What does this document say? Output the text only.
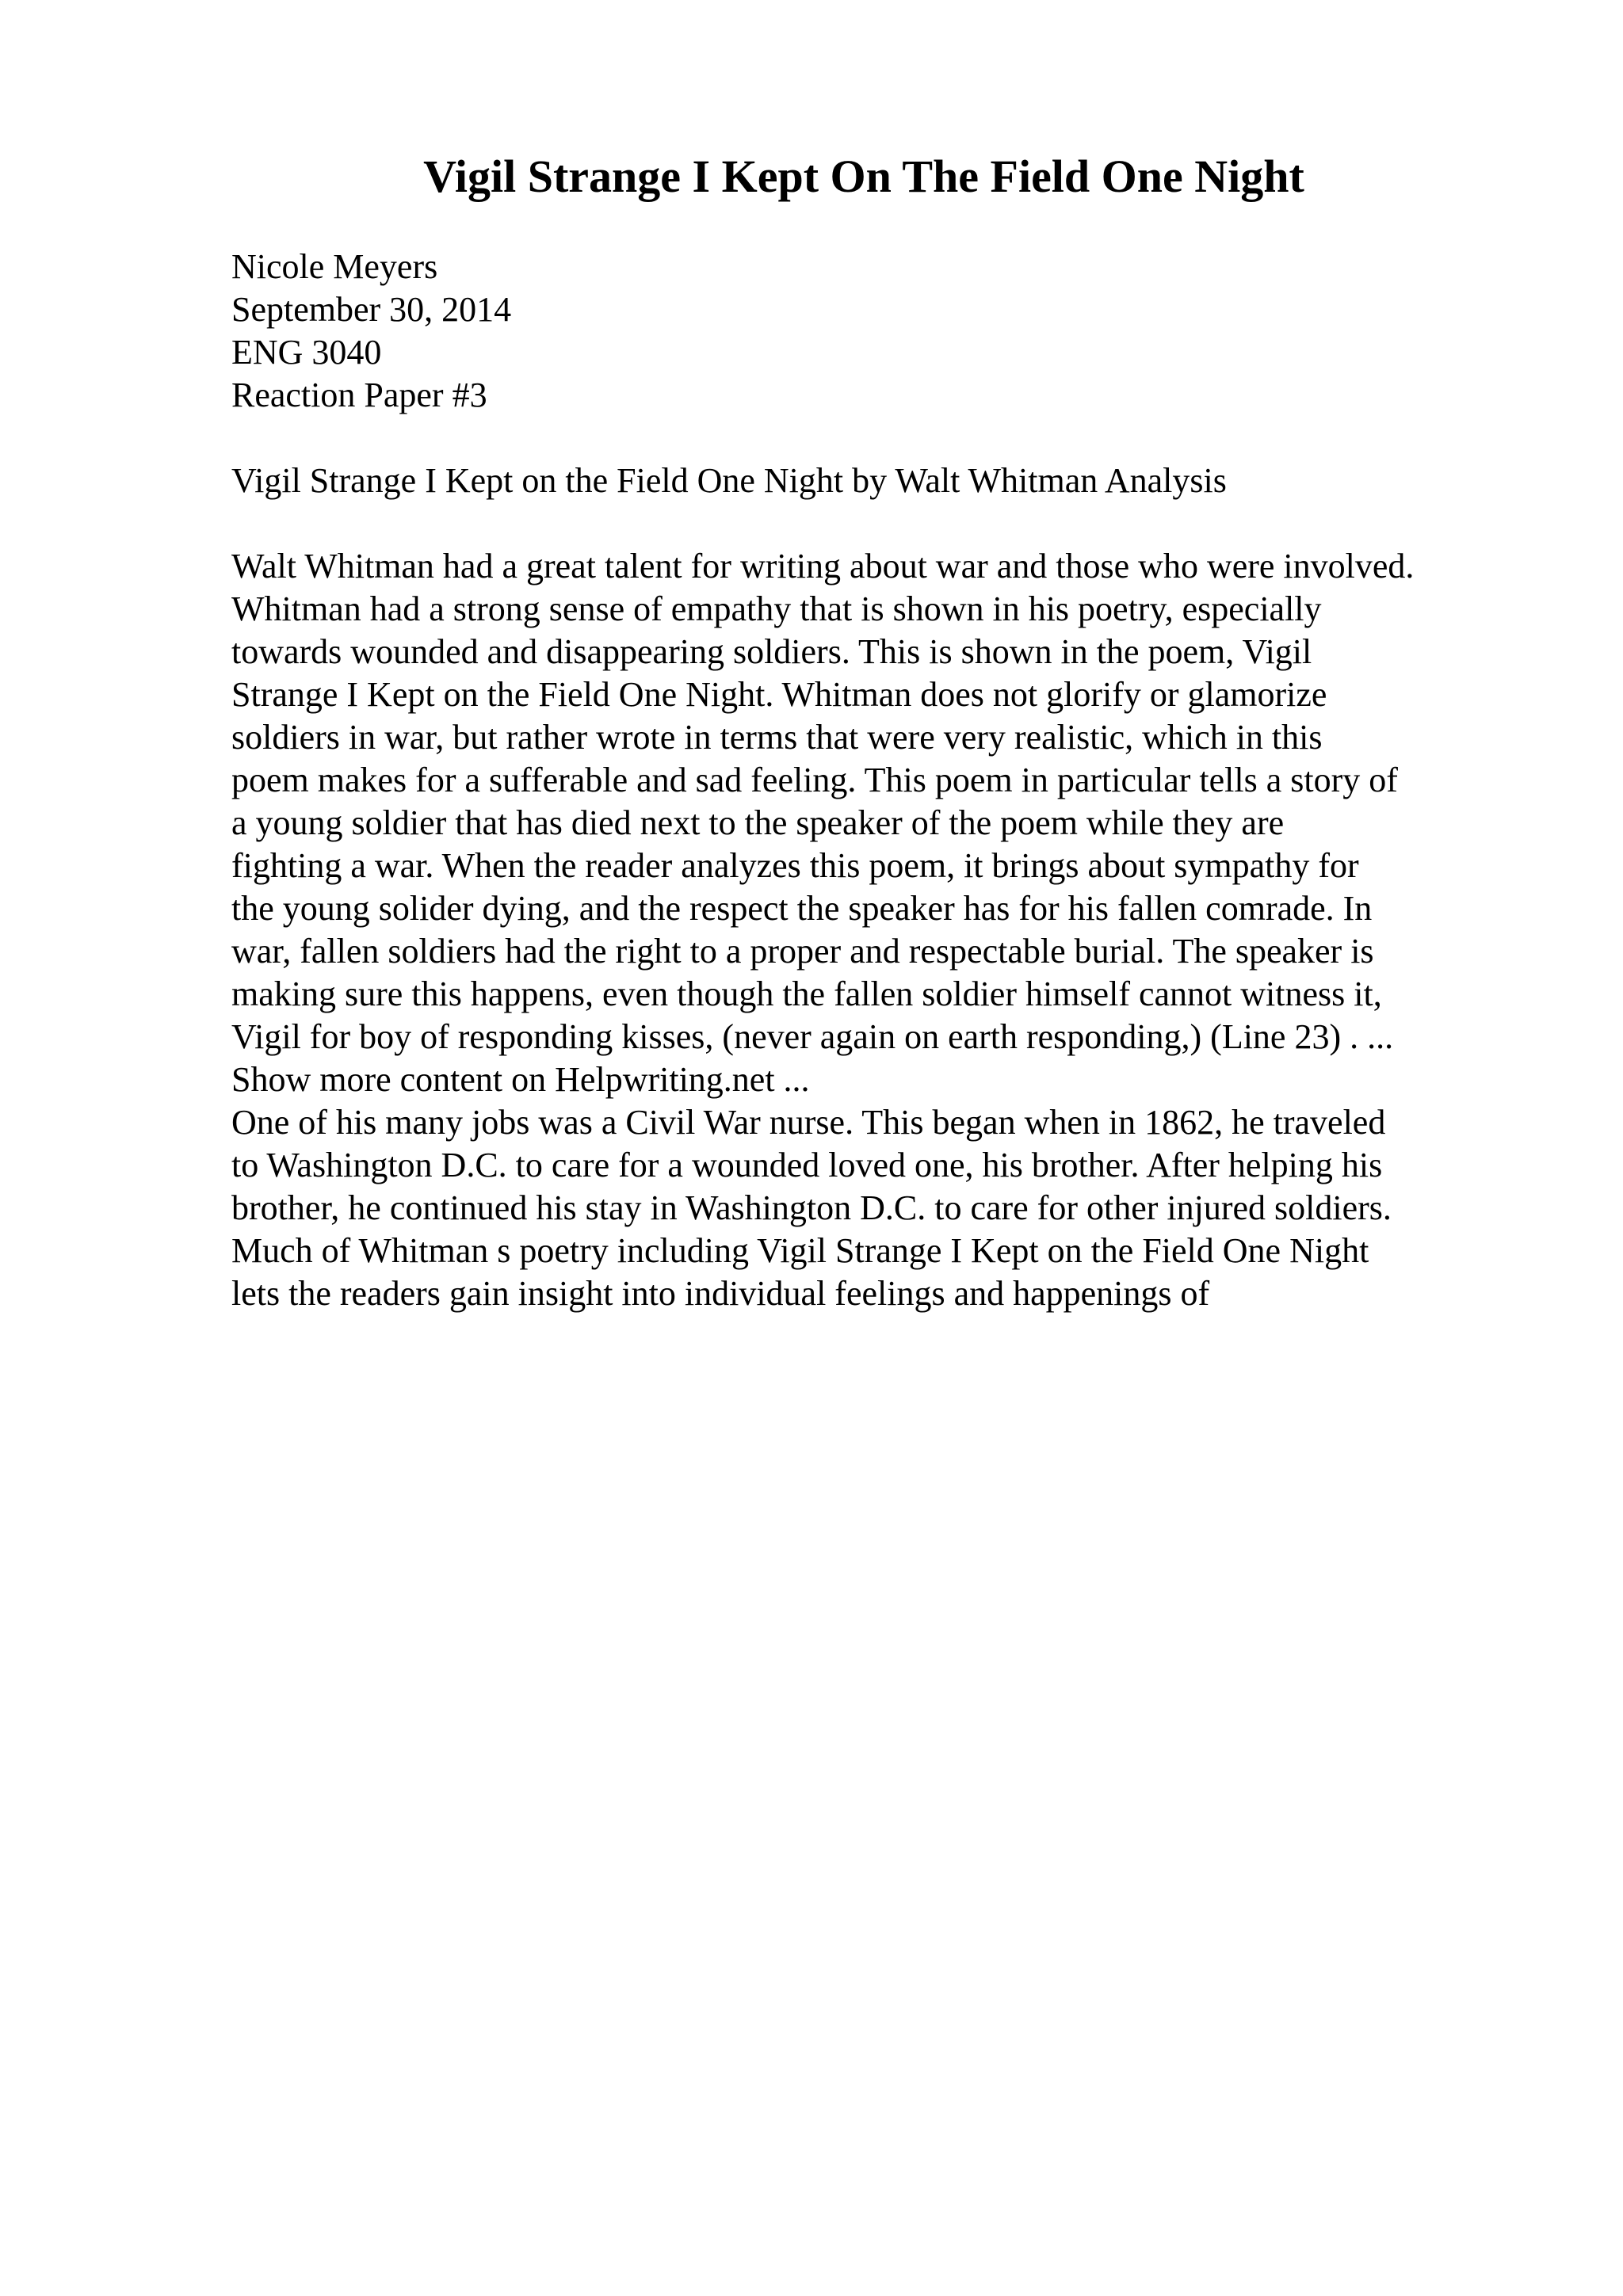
Vigil Strange I Kept On The Field One Night
Nicole Meyers
September 30, 2014
ENG 3040
Reaction Paper #3
Vigil Strange I Kept on the Field One Night by Walt Whitman Analysis
Walt Whitman had a great talent for writing about war and those who were involved.
Whitman had a strong sense of empathy that is shown in his poetry, especially
towards wounded and disappearing soldiers. This is shown in the poem, Vigil
Strange I Kept on the Field One Night. Whitman does not glorify or glamorize
soldiers in war, but rather wrote in terms that were very realistic, which in this
poem makes for a sufferable and sad feeling. This poem in particular tells a story of
a young soldier that has died next to the speaker of the poem while they are
fighting a war. When the reader analyzes this poem, it brings about sympathy for
the young solider dying, and the respect the speaker has for his fallen comrade. In
war, fallen soldiers had the right to a proper and respectable burial. The speaker is
making sure this happens, even though the fallen soldier himself cannot witness it,
Vigil for boy of responding kisses, (never again on earth responding,) (Line 23) . ...
Show more content on Helpwriting.net ...
One of his many jobs was a Civil War nurse. This began when in 1862, he traveled
to Washington D.C. to care for a wounded loved one, his brother. After helping his
brother, he continued his stay in Washington D.C. to care for other injured soldiers.
Much of Whitman s poetry including Vigil Strange I Kept on the Field One Night
lets the readers gain insight into individual feelings and happenings of
